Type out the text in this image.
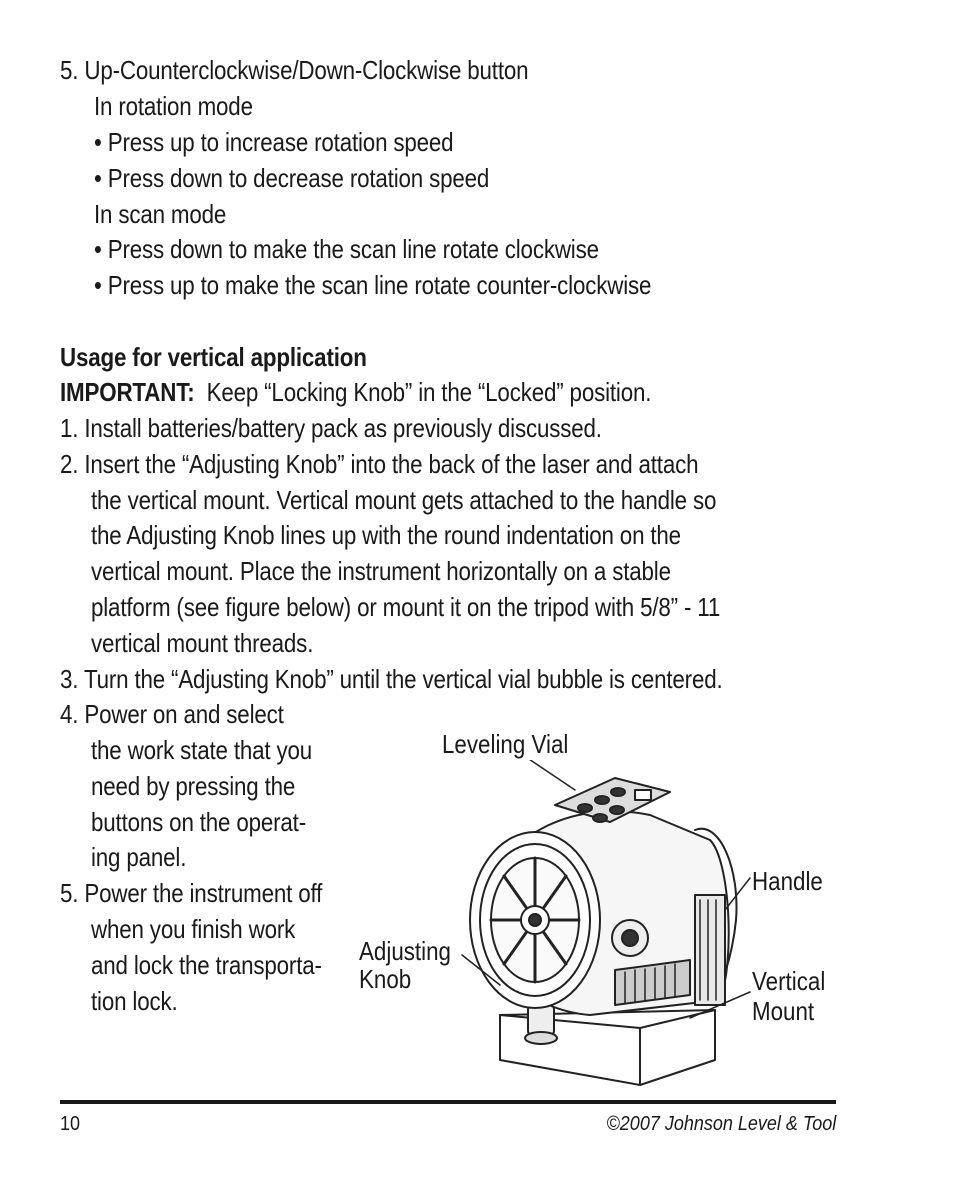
5. Up-Counterclockwise/Down-Clockwise button
In rotation mode
• Press up to increase rotation speed
• Press down to decrease rotation speed
In scan mode
• Press down to make the scan line rotate clockwise
• Press up to make the scan line rotate counter-clockwise
Usage for vertical application
IMPORTANT: Keep “Locking Knob” in the “Locked” position.
1. Install batteries/battery pack as previously discussed.
2. Insert the “Adjusting Knob” into the back of the laser and attach
the vertical mount. Vertical mount gets attached to the handle so
the Adjusting Knob lines up with the round indentation on the
vertical mount. Place the instrument horizontally on a stable
platform (see figure below) or mount it on the tripod with 5/8” - 11
vertical mount threads.
3. Turn the “Adjusting Knob” until the vertical vial bubble is centered.
4. Power on and select
the work state that you
need by pressing the
buttons on the operat-
ing panel.
5. Power the instrument off
when you finish work
and lock the transporta-
tion lock.
Leveling Vial
Handle
Adjusting
Knob	Vertical
Mount
10	©2007 Johnson Level & Tool
